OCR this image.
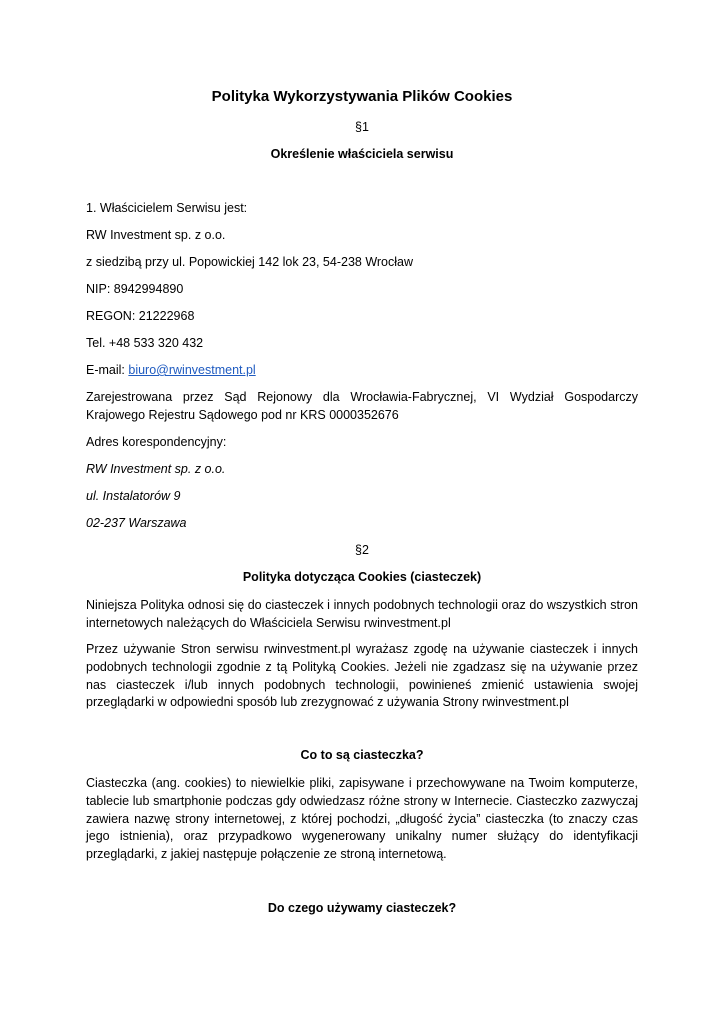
Polityka Wykorzystywania Plików Cookies
§1
Określenie właściciela serwisu
1. Właścicielem Serwisu jest:
RW Investment sp. z o.o.
z siedzibą przy ul. Popowickiej 142 lok 23, 54-238 Wrocław
NIP: 8942994890
REGON: 21222968
Tel. +48 533 320 432
E-mail: biuro@rwinvestment.pl
Zarejestrowana przez Sąd Rejonowy dla Wrocławia-Fabrycznej, VI Wydział Gospodarczy Krajowego Rejestru Sądowego pod nr KRS 0000352676
Adres korespondencyjny:
RW Investment sp. z o.o.
ul. Instalatorów 9
02-237 Warszawa
§2
Polityka dotycząca Cookies (ciasteczek)
Niniejsza Polityka odnosi się do ciasteczek i innych podobnych technologii oraz do wszystkich stron internetowych należących do Właściciela Serwisu rwinvestment.pl
Przez używanie Stron serwisu rwinvestment.pl wyrażasz zgodę na używanie ciasteczek i innych podobnych technologii zgodnie z tą Polityką Cookies. Jeżeli nie zgadzasz się na używanie przez nas ciasteczek i/lub innych podobnych technologii, powinieneś zmienić ustawienia swojej przeglądarki w odpowiedni sposób lub zrezygnować z używania Strony rwinvestment.pl
Co to są ciasteczka?
Ciasteczka (ang. cookies) to niewielkie pliki, zapisywane i przechowywane na Twoim komputerze, tablecie lub smartphonie podczas gdy odwiedzasz różne strony w Internecie. Ciasteczko zazwyczaj zawiera nazwę strony internetowej, z której pochodzi, „długość życia” ciasteczka (to znaczy czas jego istnienia), oraz przypadkowo wygenerowany unikalny numer służący do identyfikacji przeglądarki, z jakiej następuje połączenie ze stroną internetową.
Do czego używamy ciasteczek?
